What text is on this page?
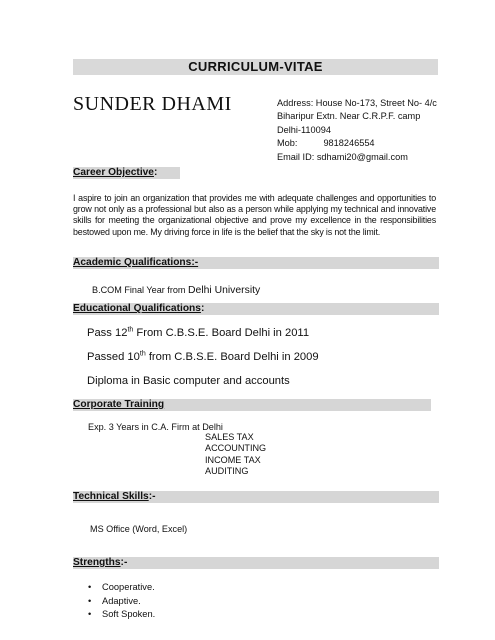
CURRICULUM-VITAE
SUNDER DHAMI	Address: House No-173, Street No- 4/c
Biharipur Extn. Near C.R.P.F. camp
Delhi-110094
Mob:	9818246554
Email ID: sdhami20@gmail.com
Career Objective:
I aspire to join an organization that provides me with adequate challenges and opportunities to grow not only as a professional but also as a person while applying my technical and innovative skills for meeting the organizational objective and prove my excellence in the responsibilities bestowed upon me. My driving force in life is the belief that the sky is not the limit.
Academic Qualifications:-
B.COM Final Year from Delhi University
Educational Qualifications:
Pass 12th From C.B.S.E. Board Delhi in 2011
Passed 10th from C.B.S.E. Board Delhi in 2009
Diploma in Basic computer and accounts
Corporate Training
Exp. 3 Years in C.A. Firm at Delhi
SALES TAX
ACCOUNTING
INCOME TAX
AUDITING
Technical Skills:-
MS Office (Word, Excel)
Strengths:-
• Cooperative.
• Adaptive.
• Soft Spoken.
